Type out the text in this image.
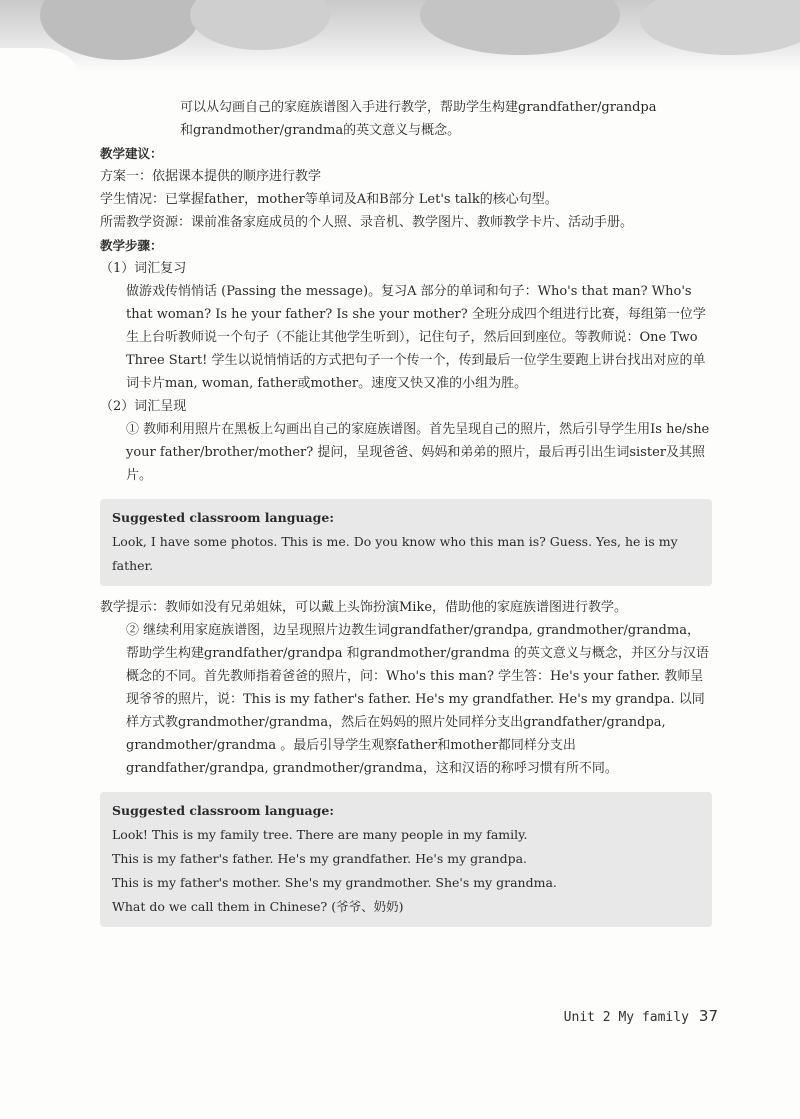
可以从勾画自己的家庭族谱图入手进行教学，帮助学生构建grandfather/grandpa

和grandmother/grandma的英文意义与概念。

教学建议：

方案一：依据课本提供的顺序进行教学

学生情况：已掌握father，mother等单词及A和B部分 Let's talk的核心句型。

所需教学资源：课前准备家庭成员的个人照、录音机、教学图片、教师教学卡片、活动手册。

教学步骤：

（1）词汇复习

做游戏传悄悄话 (Passing the message)。复习A 部分的单词和句子：Who's that man? Who's that woman? Is he your father? Is she your mother? 全班分成四个组进行比赛，每组第一位学生上台听教师说一个句子（不能让其他学生听到），记住句子，然后回到座位。等教师说：One Two Three Start! 学生以说悄悄话的方式把句子一个传一个，传到最后一位学生要跑上讲台找出对应的单词卡片man, woman, father或mother。速度又快又准的小组为胜。

（2）词汇呈现

① 教师利用照片在黑板上勾画出自己的家庭族谱图。首先呈现自己的照片，然后引导学生用Is he/she your father/brother/mother? 提问，呈现爸爸、妈妈和弟弟的照片，最后再引出生词sister及其照片。

Suggested classroom language:
Look, I have some photos. This is me. Do you know who this man is? Guess. Yes, he is my father.

教学提示：教师如没有兄弟姐妹，可以戴上头饰扮演Mike，借助他的家庭族谱图进行教学。

② 继续利用家庭族谱图，边呈现照片边教生词grandfather/grandpa, grandmother/grandma，帮助学生构建grandfather/grandpa 和grandmother/grandma 的英文意义与概念，并区分与汉语概念的不同。首先教师指着爸爸的照片，问：Who's this man? 学生答：He's your father. 教师呈现爷爷的照片，说：This is my father's father. He's my grandfather. He's my grandpa. 以同样方式教grandmother/grandma，然后在妈妈的照片处同样分支出grandfather/grandpa, grandmother/grandma 。最后引导学生观察father和mother都同样分支出grandfather/grandpa, grandmother/grandma，这和汉语的称呼习惯有所不同。

Suggested classroom language:
Look! This is my family tree. There are many people in my family.
This is my father's father. He's my grandfather. He's my grandpa.
This is my father's mother. She's my grandmother. She's my grandma.
What do we call them in Chinese? (爷爷、奶奶)
Unit 2 My family 37
